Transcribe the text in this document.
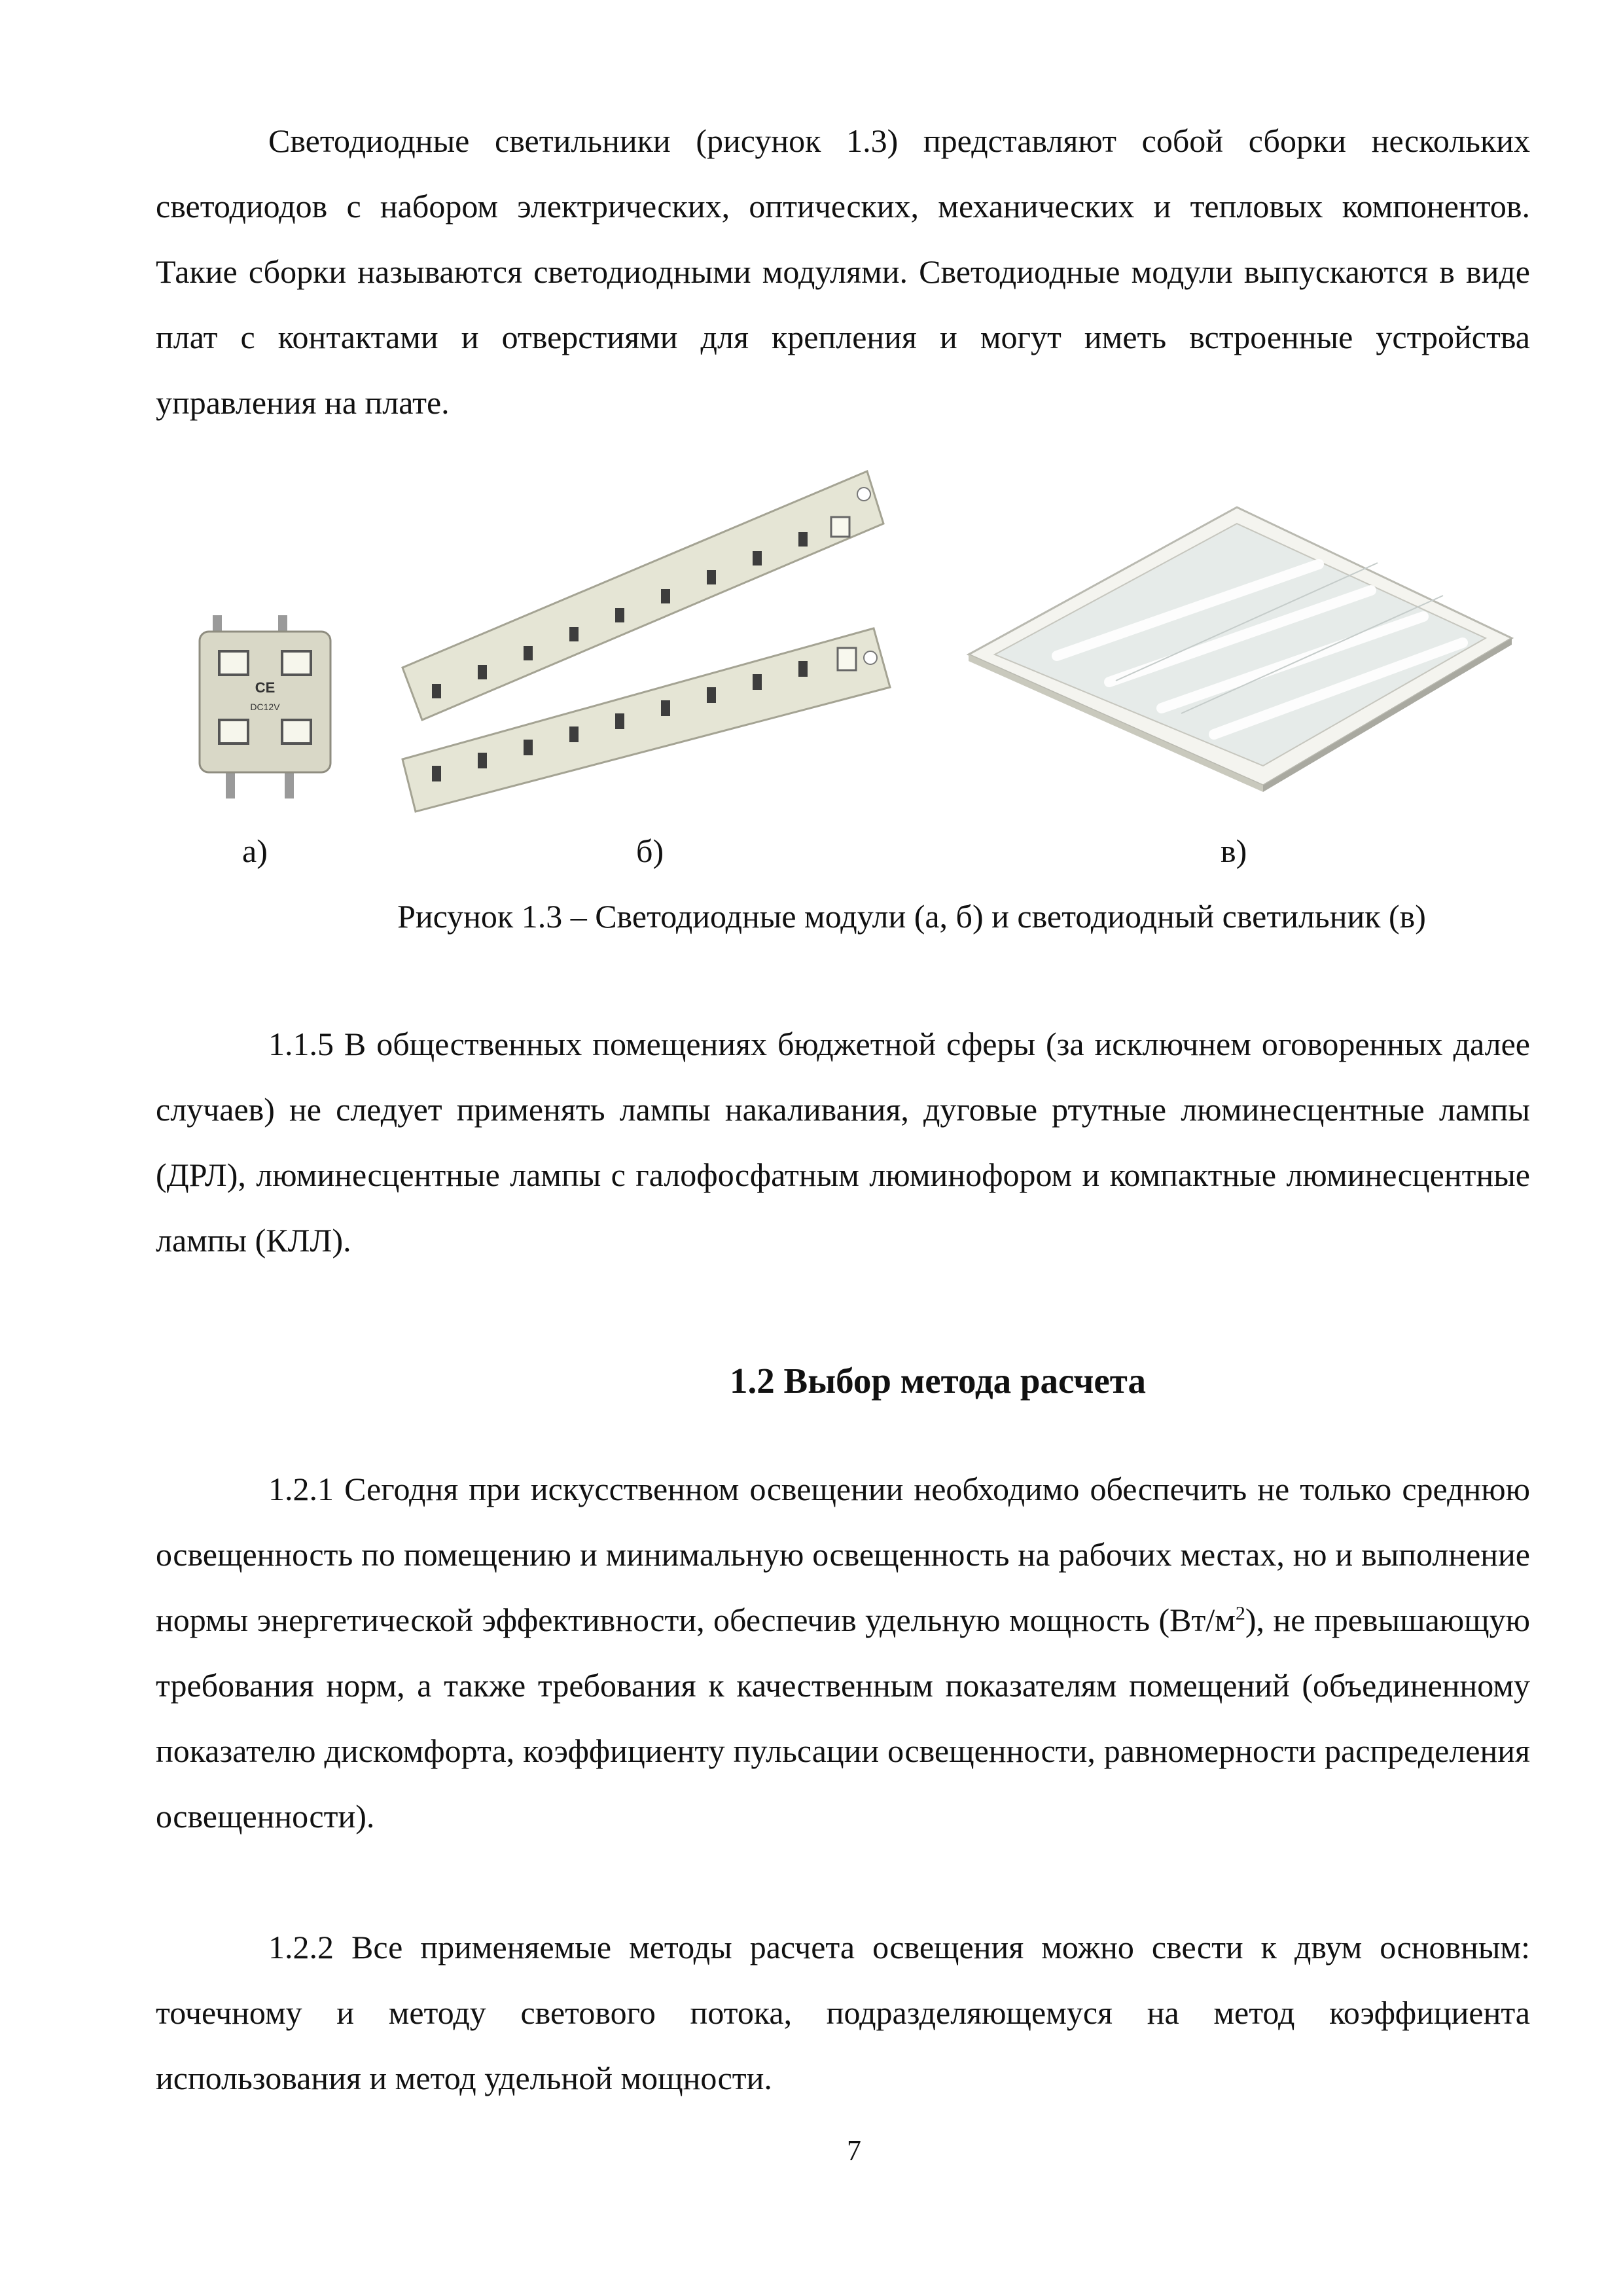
Светодиодные светильники (рисунок 1.3) представляют собой сборки нескольких светодиодов с набором электрических, оптических, механических и тепловых компонентов. Такие сборки называются светодиодными модулями. Светодиодные модули выпускаются в виде плат с контактами и отверстиями для крепления и могут иметь встроенные устройства управления на плате.

CE
DC12V
а)	б)	в)
Рисунок 1.3 – Светодиодные модули (а, б) и светодиодный светильник (в)

1.1.5 В общественных помещениях бюджетной сферы (за исключнем оговоренных далее случаев) не следует применять лампы накаливания, дуговые ртутные люминесцентные лампы (ДРЛ), люминесцентные лампы с галофосфатным люминофором и компактные люминесцентные лампы (КЛЛ).

1.2 Выбор метода расчета

1.2.1 Сегодня при искусственном освещении необходимо обеспечить не только среднюю освещенность по помещению и минимальную освещенность на рабочих местах, но и выполнение нормы энергетической эффективности, обеспечив удельную мощность $(Вт/м^2)$, не превышающую требования норм, а также требования к качественным показателям помещений (объединенному показателю дискомфорта, коэффициенту пульсации освещенности, равномерности распределения освещенности).

1.2.2 Все применяемые методы расчета освещения можно свести к двум основным: точечному и методу светового потока, подразделяющемуся на метод коэффициента использования и метод удельной мощности.

7
